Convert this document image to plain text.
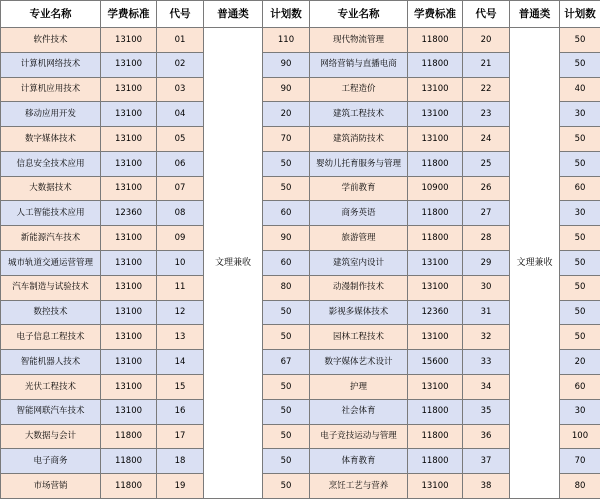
专业名称	学费标准	代号	普通类	计划数	专业名称	学费标准	代号	普通类	计划数
软件技术	13100	01	文理兼收	110	现代物流管理	11800	20	文理兼收	50
计算机网络技术	13100	02		90	网络营销与直播电商	11800	21		50
计算机应用技术	13100	03		90	工程造价	13100	22		40
移动应用开发	13100	04		20	建筑工程技术	13100	23		30
数字媒体技术	13100	05		70	建筑消防技术	13100	24		50
信息安全技术应用	13100	06		50	婴幼儿托育服务与管理	11800	25		50
大数据技术	13100	07		50	学前教育	10900	26		60
人工智能技术应用	12360	08		60	商务英语	11800	27		30
新能源汽车技术	13100	09		90	旅游管理	11800	28		50
城市轨道交通运营管理	13100	10		60	建筑室内设计	13100	29		50
汽车制造与试验技术	13100	11		80	动漫制作技术	13100	30		50
数控技术	13100	12		50	影视多媒体技术	12360	31		50
电子信息工程技术	13100	13		50	园林工程技术	13100	32		50
智能机器人技术	13100	14		67	数字媒体艺术设计	15600	33		20
光伏工程技术	13100	15		50	护理	13100	34		60
智能网联汽车技术	13100	16		50	社会体育	11800	35		30
大数据与会计	11800	17		50	电子竞技运动与管理	11800	36		100
电子商务	11800	18		50	体育教育	11800	37		70
市场营销	11800	19		50	烹饪工艺与营养	13100	38		80
